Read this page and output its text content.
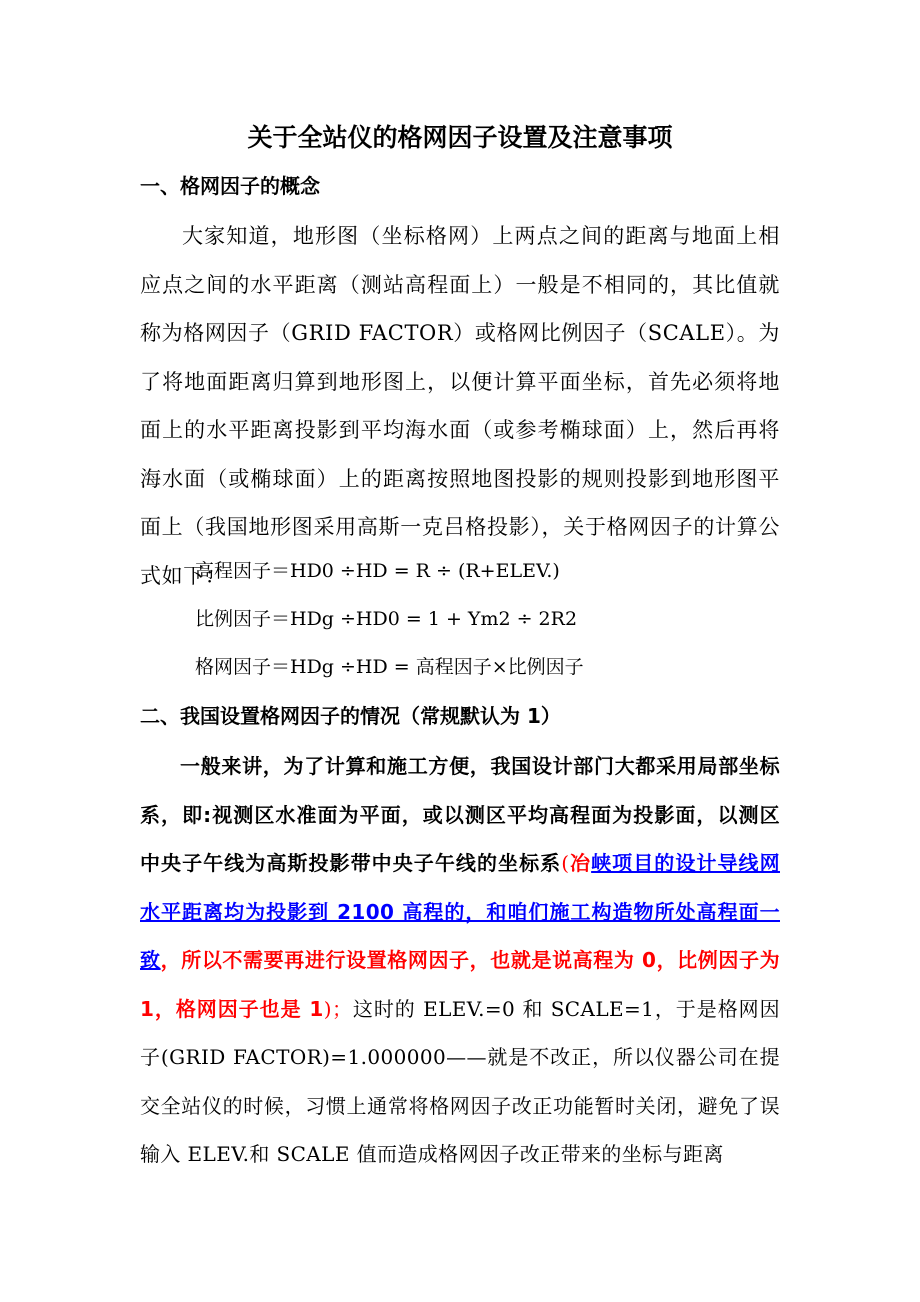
关于全站仪的格网因子设置及注意事项
一、格网因子的概念

大家知道，地形图（坐标格网）上两点之间的距离与地面上相应点之间的水平距离（测站高程面上）一般是不相同的，其比值就称为格网因子（GRID FACTOR）或格网比例因子（SCALE）。为了将地面距离归算到地形图上，以便计算平面坐标，首先必须将地面上的水平距离投影到平均海水面（或参考椭球面）上，然后再将海水面（或椭球面）上的距离按照地图投影的规则投影到地形图平面上（我国地形图采用高斯一克吕格投影），关于格网因子的计算公式如下：

高程因子＝HD0 ÷HD = R ÷ (R+ELEV.)

比例因子＝HDg ÷HD0 = 1 + Ym2 ÷ 2R2

格网因子＝HDg ÷HD = 高程因子×比例因子

二、我国设置格网因子的情况（常规默认为 1）

一般来讲，为了计算和施工方便，我国设计部门大都采用局部坐标系，即:视测区水准面为平面，或以测区平均高程面为投影面，以测区中央子午线为高斯投影带中央子午线的坐标系(冶峡项目的设计导线网水平距离均为投影到 2100 高程的，和咱们施工构造物所处高程面一致，所以不需要再进行设置格网因子，也就是说高程为 0，比例因子为 1，格网因子也是 1)；这时的 ELEV.=0 和 SCALE=1，于是格网因子(GRID FACTOR)=1.000000——就是不改正，所以仪器公司在提交全站仪的时候，习惯上通常将格网因子改正功能暂时关闭，避免了误输入 ELEV.和 SCALE 值而造成格网因子改正带来的坐标与距离
